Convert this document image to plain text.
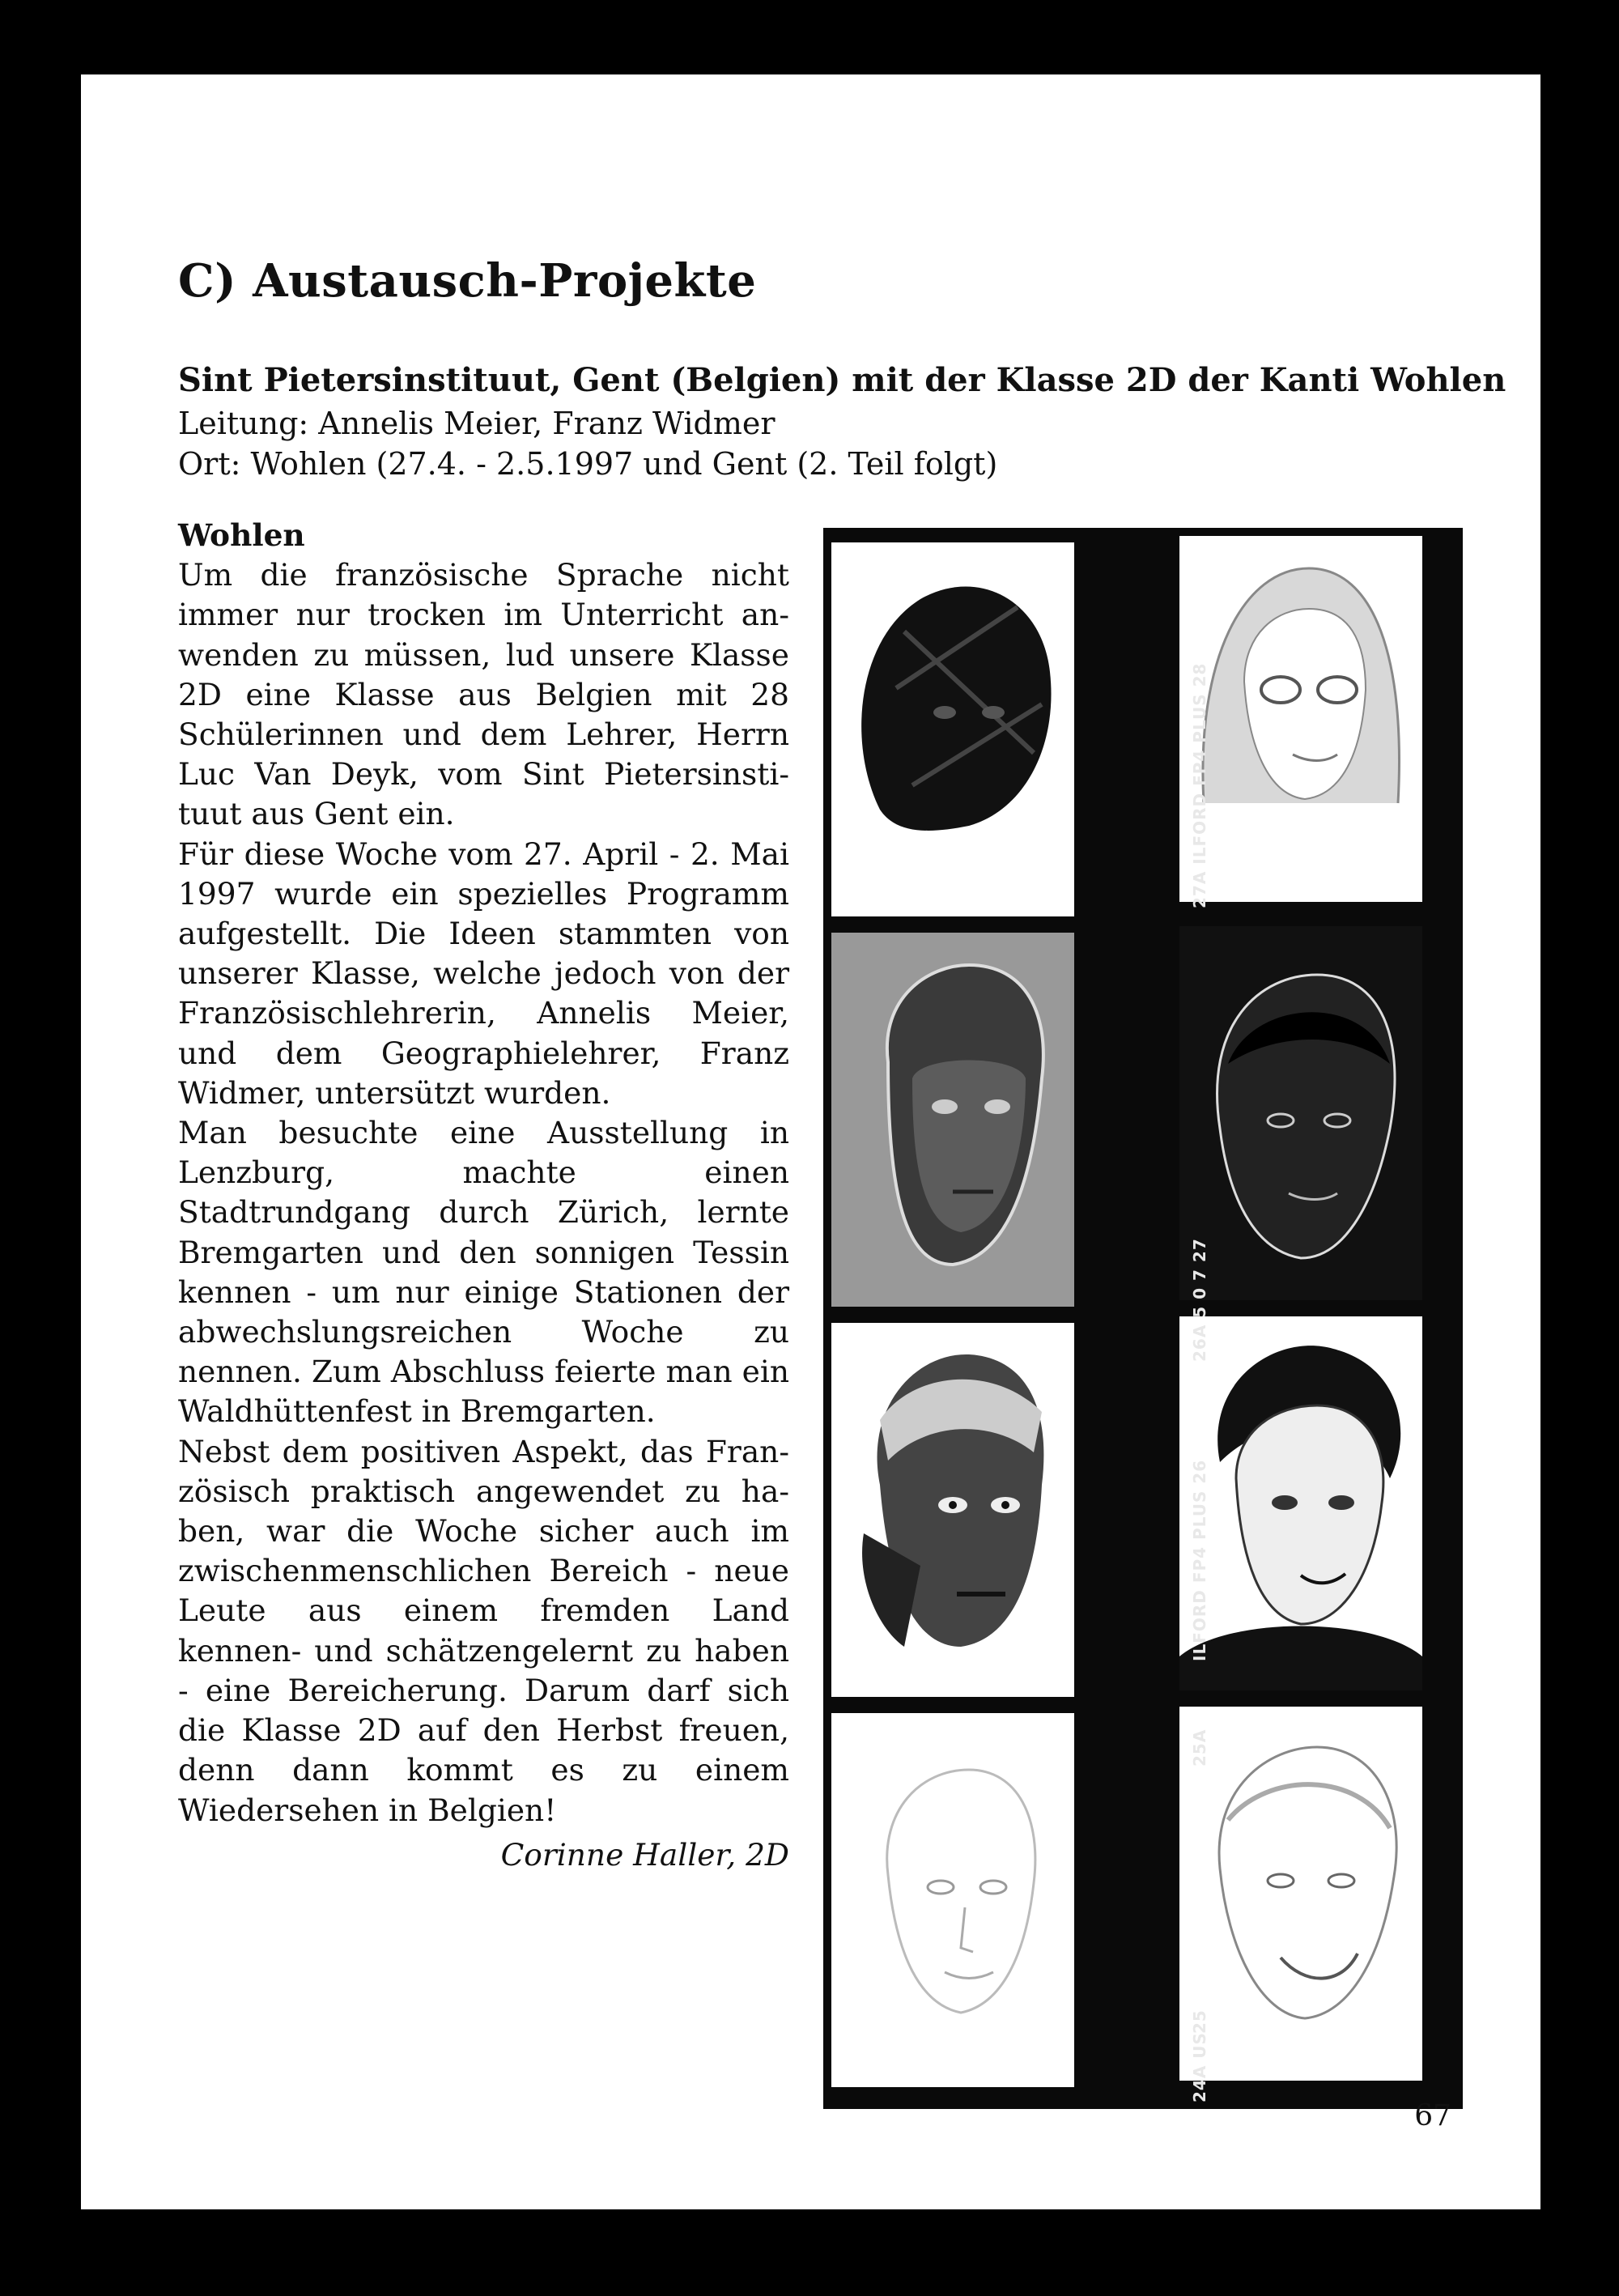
C) Austausch-Projekte
Sint Pietersinstituut, Gent (Belgien) mit der Klasse 2D der Kanti Wohlen
Leitung: Annelis Meier, Franz Widmer
Ort: Wohlen (27.4. - 2.5.1997 und Gent (2. Teil folgt)
Wohlen

Um die französische Sprache nicht immer nur trocken im Unterricht anwenden zu müssen, lud unsere Klasse 2D eine Klasse aus Belgien mit 28 Schülerinnen und dem Lehrer, Herrn Luc Van Deyk, vom Sint Pietersinstituut aus Gent ein.

Für diese Woche vom 27. April - 2. Mai 1997 wurde ein spezielles Programm aufgestellt. Die Ideen stammten von unserer Klasse, welche jedoch von der Französischlehrerin, Annelis Meier, und dem Geographielehrer, Franz Widmer, untersützt wurden.

Man besuchte eine Ausstellung in Lenzburg, machte einen Stadtrundgang durch Zürich, lernte Bremgarten und den sonnigen Tessin kennen - um nur einige Stationen der abwechslungsreichen Woche zu nennen. Zum Abschluss feierte man ein Waldhüttenfest in Bremgarten.

Nebst dem positiven Aspekt, das Französisch praktisch angewendet zu haben, war die Woche sicher auch im zwischenmenschlichen Bereich - neue Leute aus einem fremden Land kennen- und schätzengelernt zu haben - eine Bereicherung. Darum darf sich die Klasse 2D auf den Herbst freuen, denn dann kommt es zu einem Wiedersehen in Belgien!

Corinne Haller, 2D

27A ILFORD FP4 PLUS 28
26A 5 0 7 27
ILFORD FP4 PLUS 26
25A
25
24A US
67
